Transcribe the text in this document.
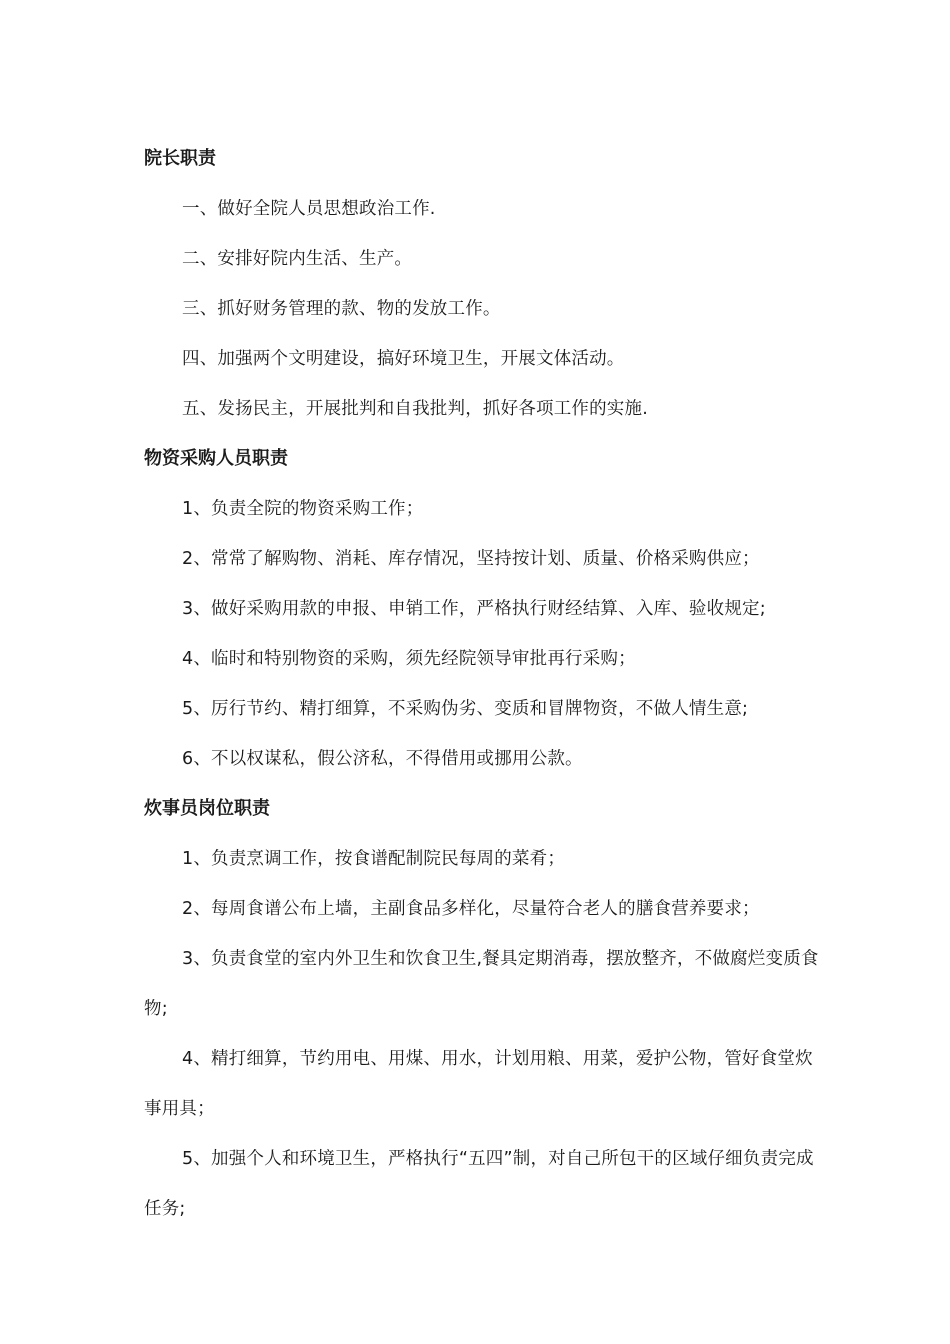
院长职责
一、做好全院人员思想政治工作.
二、安排好院内生活、生产。
三、抓好财务管理的款、物的发放工作。
四、加强两个文明建设，搞好环境卫生，开展文体活动。
五、发扬民主，开展批判和自我批判，抓好各项工作的实施.
物资采购人员职责
1、负责全院的物资采购工作；
2、常常了解购物、消耗、库存情况，坚持按计划、质量、价格采购供应；
3、做好采购用款的申报、申销工作，严格执行财经结算、入库、验收规定;
4、临时和特别物资的采购，须先经院领导审批再行采购；
5、厉行节约、精打细算，不采购伪劣、变质和冒牌物资，不做人情生意;
6、不以权谋私，假公济私，不得借用或挪用公款。
炊事员岗位职责
1、负责烹调工作，按食谱配制院民每周的菜肴；
2、每周食谱公布上墙，主副食品多样化，尽量符合老人的膳食营养要求；
3、负责食堂的室内外卫生和饮食卫生,餐具定期消毒，摆放整齐，不做腐烂变质食物;
4、精打细算，节约用电、用煤、用水，计划用粮、用菜，爱护公物，管好食堂炊事用具；
5、加强个人和环境卫生，严格执行“五四”制，对自己所包干的区域仔细负责完成任务;
